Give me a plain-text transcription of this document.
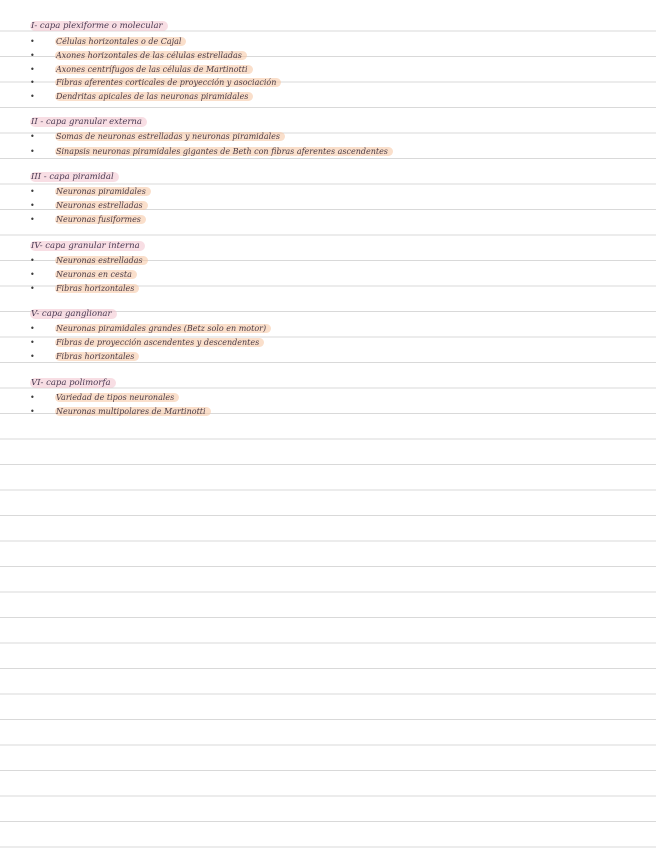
I- capa plexiforme o molecular
•	Células horizontales o de Cajal
•	Axones horizontales de las células estrelladas
•	Axones centrífugos de las células de Martinotti
•	Fibras aferentes corticales de proyección y asociación
•	Dendritas apicales de las neuronas piramidales
II - capa granular externa
•	Somas de neuronas estrelladas y neuronas piramidales
•	Sinapsis neuronas piramidales gigantes de Beth con fibras aferentes ascendentes
III - capa piramidal
•	Neuronas piramidales
•	Neuronas estrelladas
•	Neuronas fusiformes
IV- capa granular interna
•	Neuronas estrelladas
•	Neuronas en cesta
•	Fibras horizontales
V- capa ganglionar
•	Neuronas piramidales grandes (Betz solo en motor)
•	Fibras de proyección ascendentes y descendentes
•	Fibras horizontales
VI- capa polimorfa
•	Variedad de tipos neuronales
•	Neuronas multipolares de Martinotti
